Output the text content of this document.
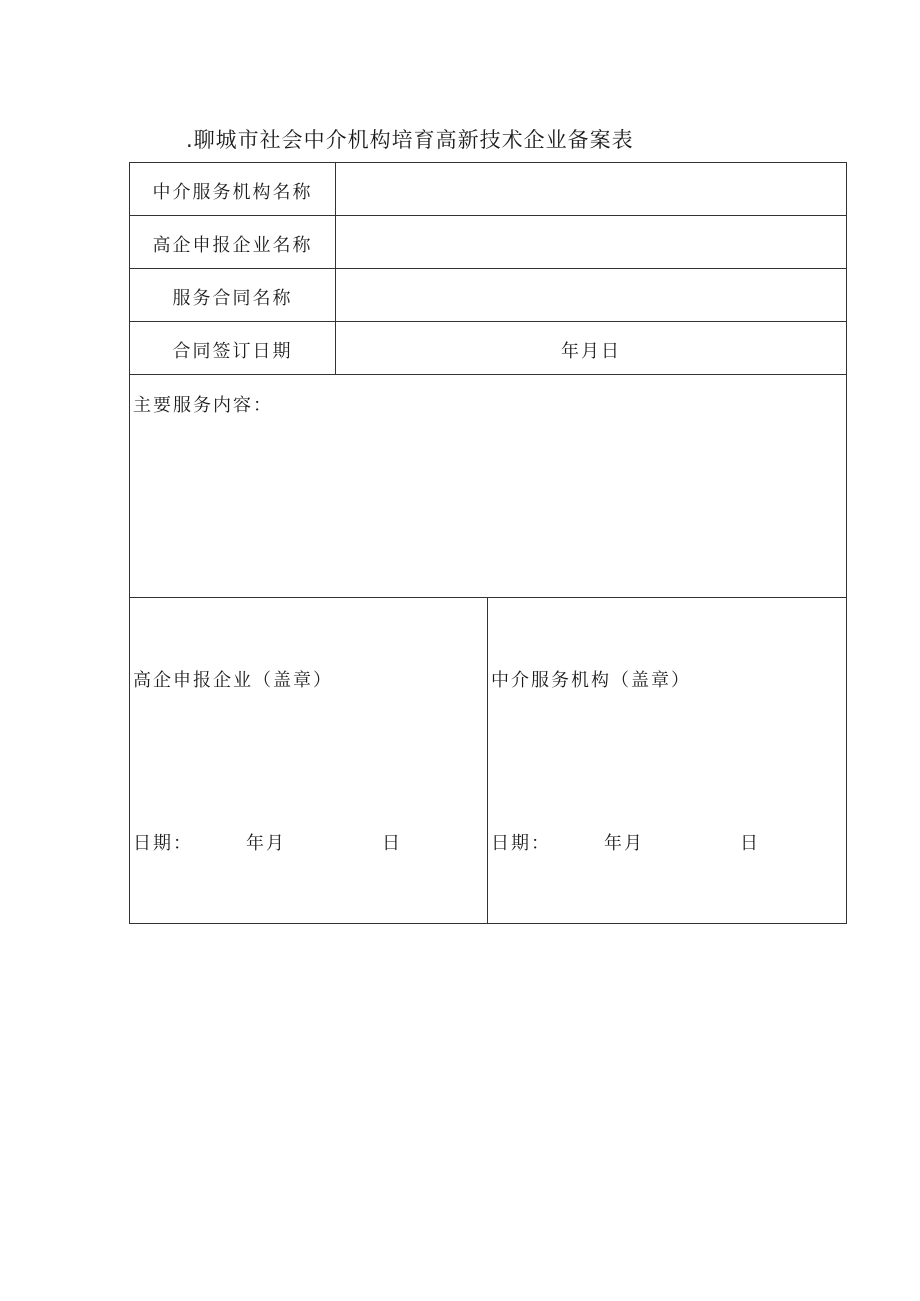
.聊城市社会中介机构培育高新技术企业备案表
中介服务机构名称
高企申报企业名称
服务合同名称
合同签订日期	年月日
主要服务内容：
高企申报企业（盖章）
日期：	年月	日
中介服务机构（盖章）
日期：	年月	日
